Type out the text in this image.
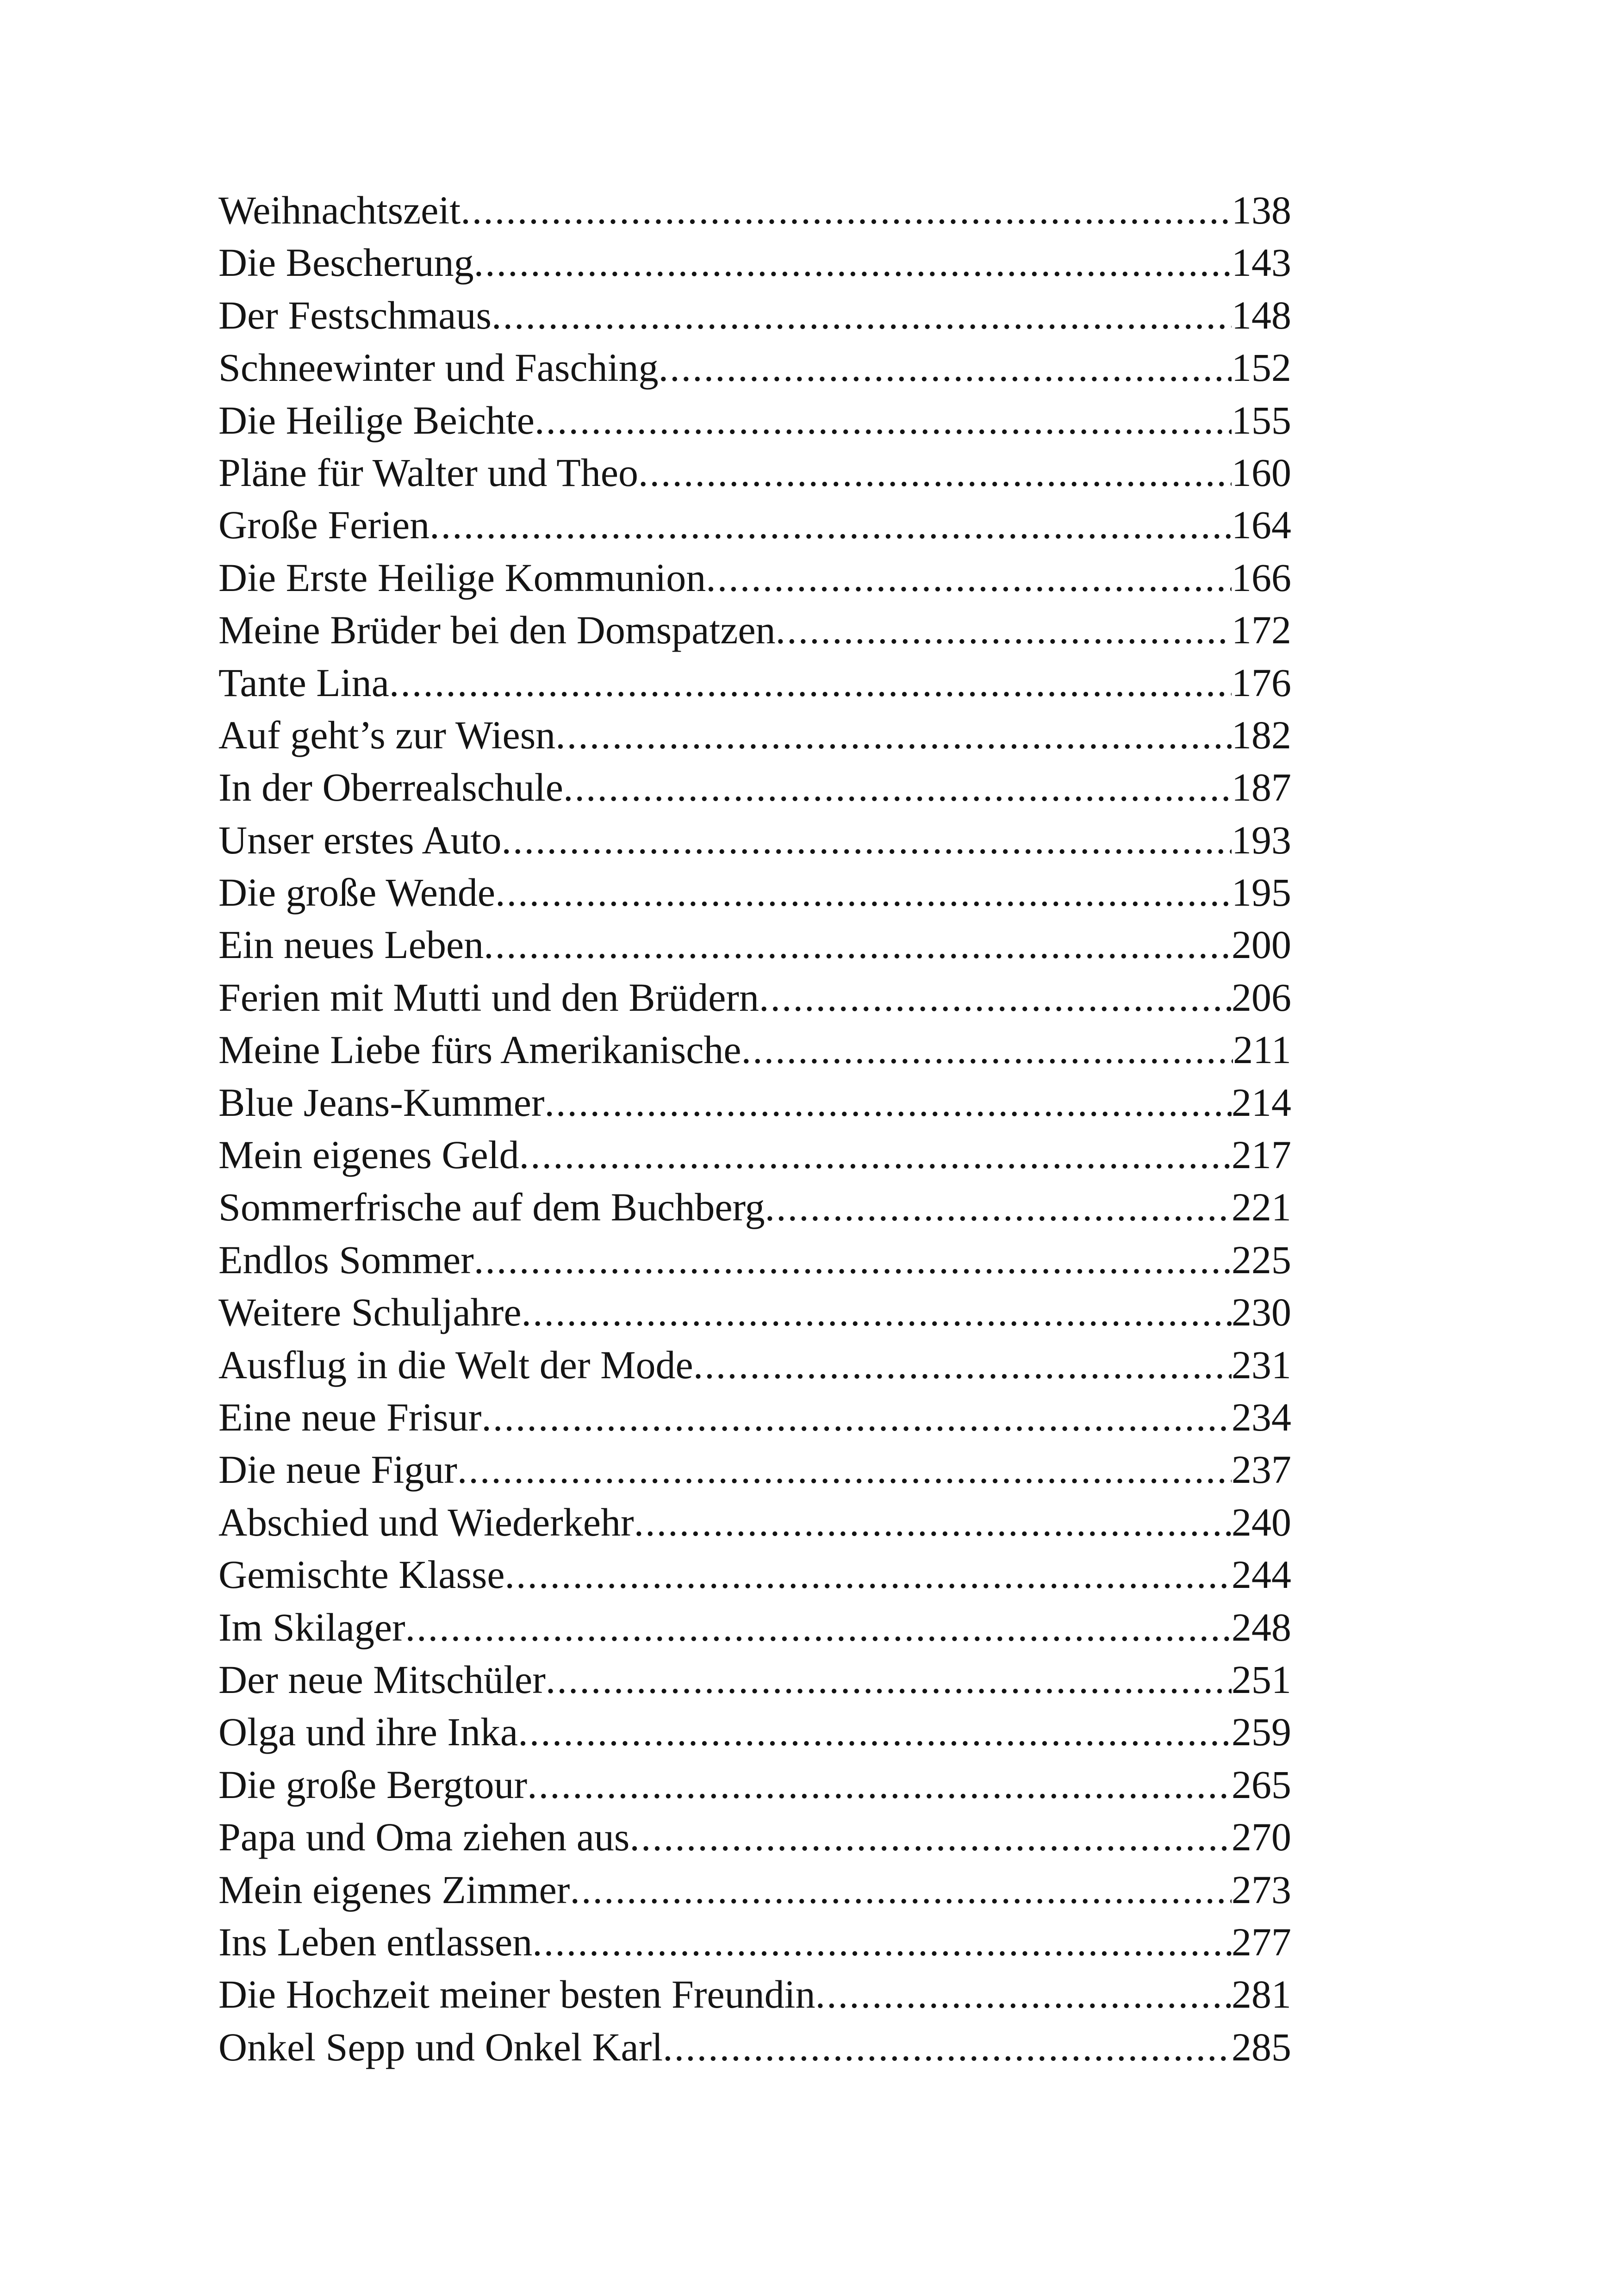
Weihnachtszeit .....	138
Die Bescherung .....	143
Der Festschmaus .....	148
Schneewinter und Fasching .....	152
Die Heilige Beichte .....	155
Pläne für Walter und Theo .....	160
Große Ferien .....	164
Die Erste Heilige Kommunion .....	166
Meine Brüder bei den Domspatzen .....	172
Tante Lina .....	176
Auf geht’s zur Wiesn .....	182
In der Oberrealschule .....	187
Unser erstes Auto .....	193
Die große Wende .....	195
Ein neues Leben .....	200
Ferien mit Mutti und den Brüdern .....	206
Meine Liebe fürs Amerikanische .....	211
Blue Jeans-Kummer .....	214
Mein eigenes Geld .....	217
Sommerfrische auf dem Buchberg .....	221
Endlos Sommer .....	225
Weitere Schuljahre .....	230
Ausflug in die Welt der Mode .....	231
Eine neue Frisur .....	234
Die neue Figur .....	237
Abschied und Wiederkehr .....	240
Gemischte Klasse .....	244
Im Skilager .....	248
Der neue Mitschüler .....	251
Olga und ihre Inka .....	259
Die große Bergtour .....	265
Papa und Oma ziehen aus .....	270
Mein eigenes Zimmer .....	273
Ins Leben entlassen .....	277
Die Hochzeit meiner besten Freundin .....	281
Onkel Sepp und Onkel Karl .....	285
